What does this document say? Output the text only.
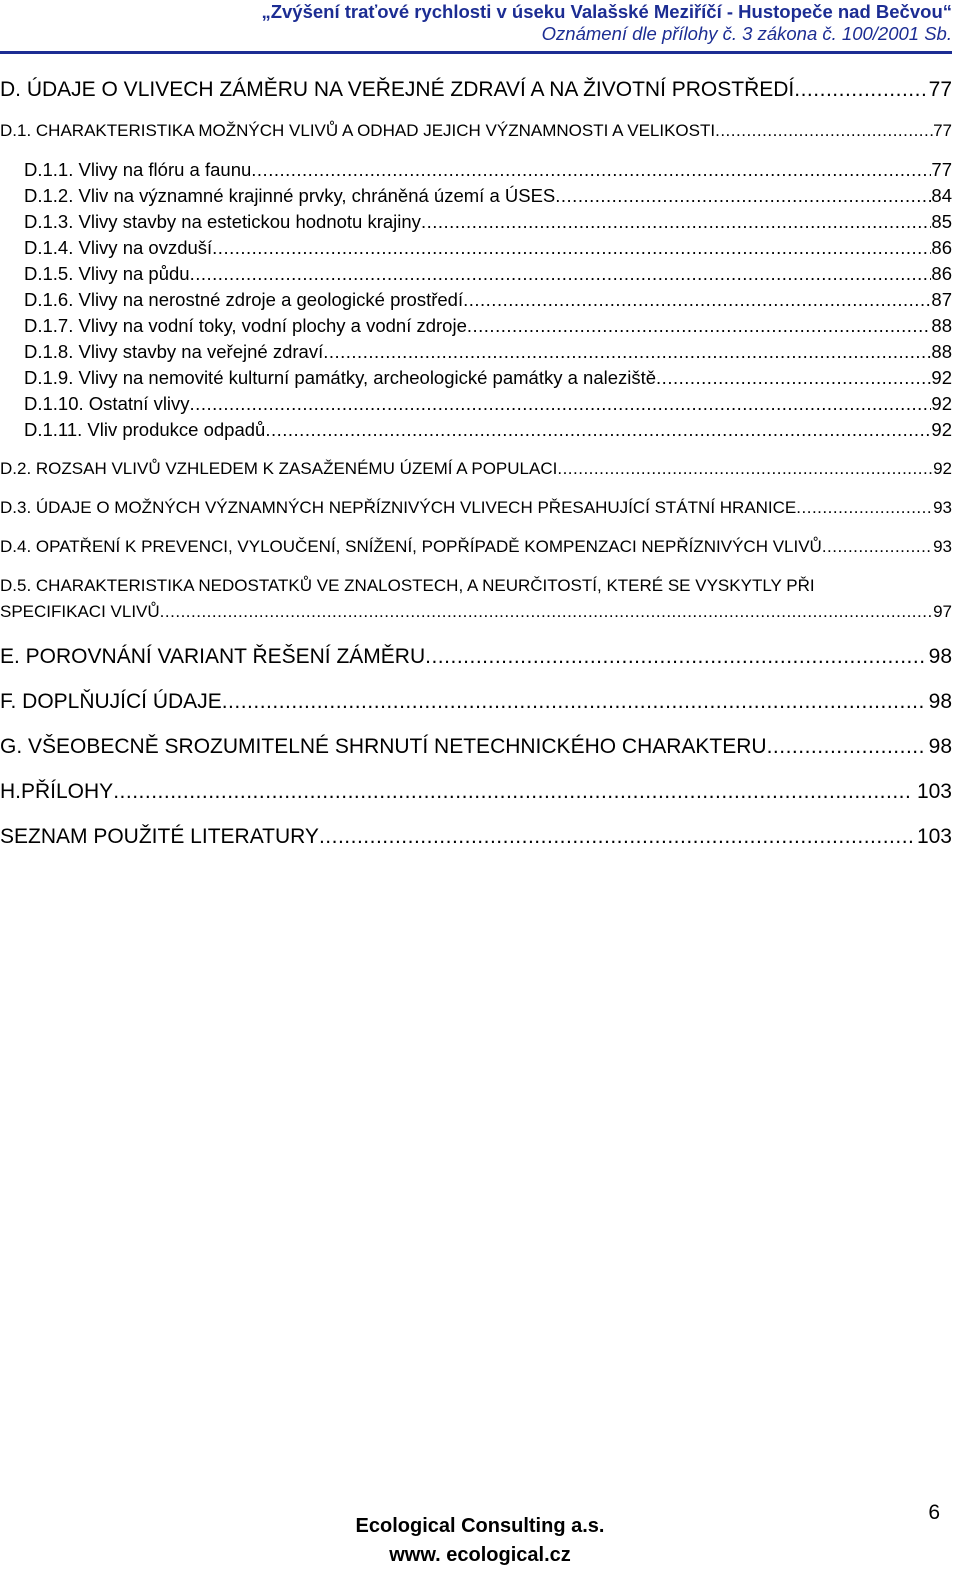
„Zvýšení traťové rychlosti v úseku Valašské Meziříčí - Hustopeče nad Bečvou“
Oznámení dle přílohy č. 3 zákona č. 100/2001 Sb.
D. ÚDAJE O VLIVECH ZÁMĚRU NA VEŘEJNÉ ZDRAVÍ A NA ŽIVOTNÍ PROSTŘEDÍ .....	77
D.1. CHARAKTERISTIKA MOŽNÝCH VLIVŮ A ODHAD JEJICH VÝZNAMNOSTI A VELIKOSTI .....	77
D.1.1. Vlivy na flóru a faunu .....	77
D.1.2. Vliv na významné krajinné prvky, chráněná území a ÚSES .....	84
D.1.3. Vlivy stavby na estetickou hodnotu krajiny .....	85
D.1.4. Vlivy na ovzduší .....	86
D.1.5. Vlivy na půdu .....	86
D.1.6. Vlivy na nerostné zdroje a geologické prostředí .....	87
D.1.7. Vlivy na vodní toky, vodní plochy a vodní zdroje .....	88
D.1.8. Vlivy stavby na veřejné zdraví .....	88
D.1.9. Vlivy na nemovité kulturní památky, archeologické památky a naleziště .....	92
D.1.10. Ostatní vlivy .....	92
D.1.11. Vliv produkce odpadů .....	92
D.2. ROZSAH VLIVŮ VZHLEDEM K ZASAŽENÉMU ÚZEMÍ A POPULACI .....	92
D.3. ÚDAJE O MOŽNÝCH VÝZNAMNÝCH NEPŘÍZNIVÝCH VLIVECH PŘESAHUJÍCÍ STÁTNÍ HRANICE .....	93
D.4. OPATŘENÍ K PREVENCI, VYLOUČENÍ, SNÍŽENÍ, POPŘÍPADĚ KOMPENZACI NEPŘÍZNIVÝCH VLIVŮ .....	93
D.5. CHARAKTERISTIKA NEDOSTATKŮ VE ZNALOSTECH, A NEURČITOSTÍ, KTERÉ SE VYSKYTLY PŘI
SPECIFIKACI VLIVŮ .....	97
E. POROVNÁNÍ VARIANT ŘEŠENÍ ZÁMĚRU .....	98
F. DOPLŇUJÍCÍ ÚDAJE .....	98
G. VŠEOBECNĚ SROZUMITELNÉ SHRNUTÍ NETECHNICKÉHO CHARAKTERU .....	98
H.PŘÍLOHY .....	103
SEZNAM POUŽITÉ LITERATURY .....	103
6
Ecological Consulting a.s.
www. ecological.cz
